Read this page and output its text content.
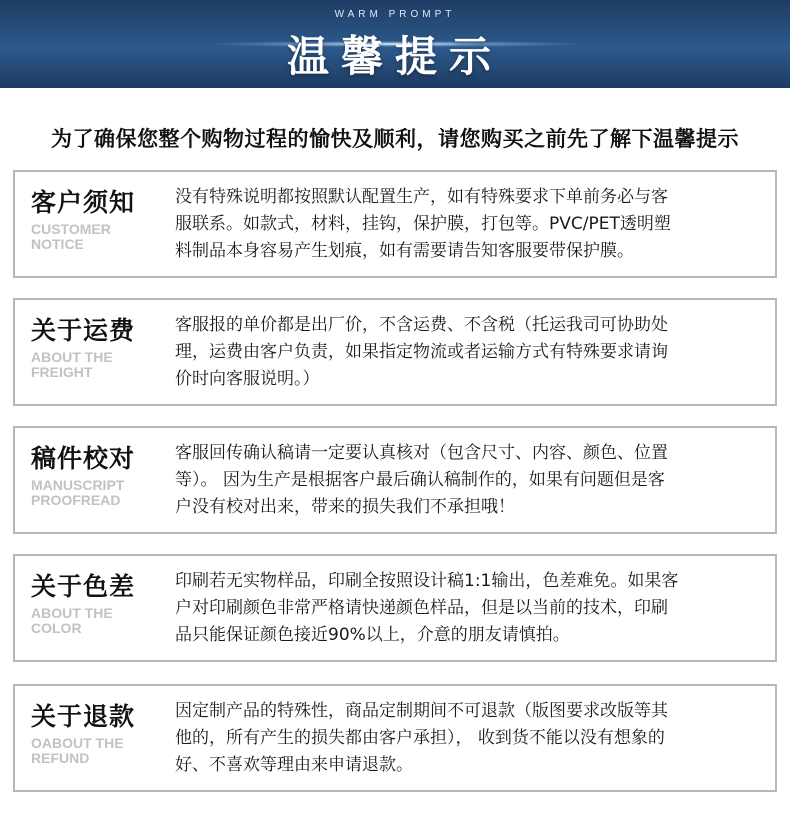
WARM PROMPT
温馨提示
为了确保您整个购物过程的愉快及顺利，请您购买之前先了解下温馨提示
客户须知
CUSTOMER
NOTICE
没有特殊说明都按照默认配置生产，如有特殊要求下单前务必与客
服联系。如款式，材料，挂钩，保护膜，打包等。PVC/PET透明塑
料制品本身容易产生划痕，如有需要请告知客服要带保护膜。
关于运费
ABOUT THE
FREIGHT
客服报的单价都是出厂价，不含运费、不含税（托运我司可协助处
理，运费由客户负责，如果指定物流或者运输方式有特殊要求请询
价时向客服说明。）
稿件校对
MANUSCRIPT
PROOFREAD
客服回传确认稿请一定要认真核对（包含尺寸、内容、颜色、位置
等）。 因为生产是根据客户最后确认稿制作的，如果有问题但是客
户没有校对出来，带来的损失我们不承担哦！
关于色差
ABOUT THE
COLOR
印刷若无实物样品，印刷全按照设计稿1:1输出，色差难免。如果客
户对印刷颜色非常严格请快递颜色样品，但是以当前的技术，印刷
品只能保证颜色接近90%以上，介意的朋友请慎拍。
关于退款
OABOUT THE
REFUND
因定制产品的特殊性，商品定制期间不可退款（版图要求改版等其
他的，所有产生的损失都由客户承担）， 收到货不能以没有想象的
好、不喜欢等理由来申请退款。
